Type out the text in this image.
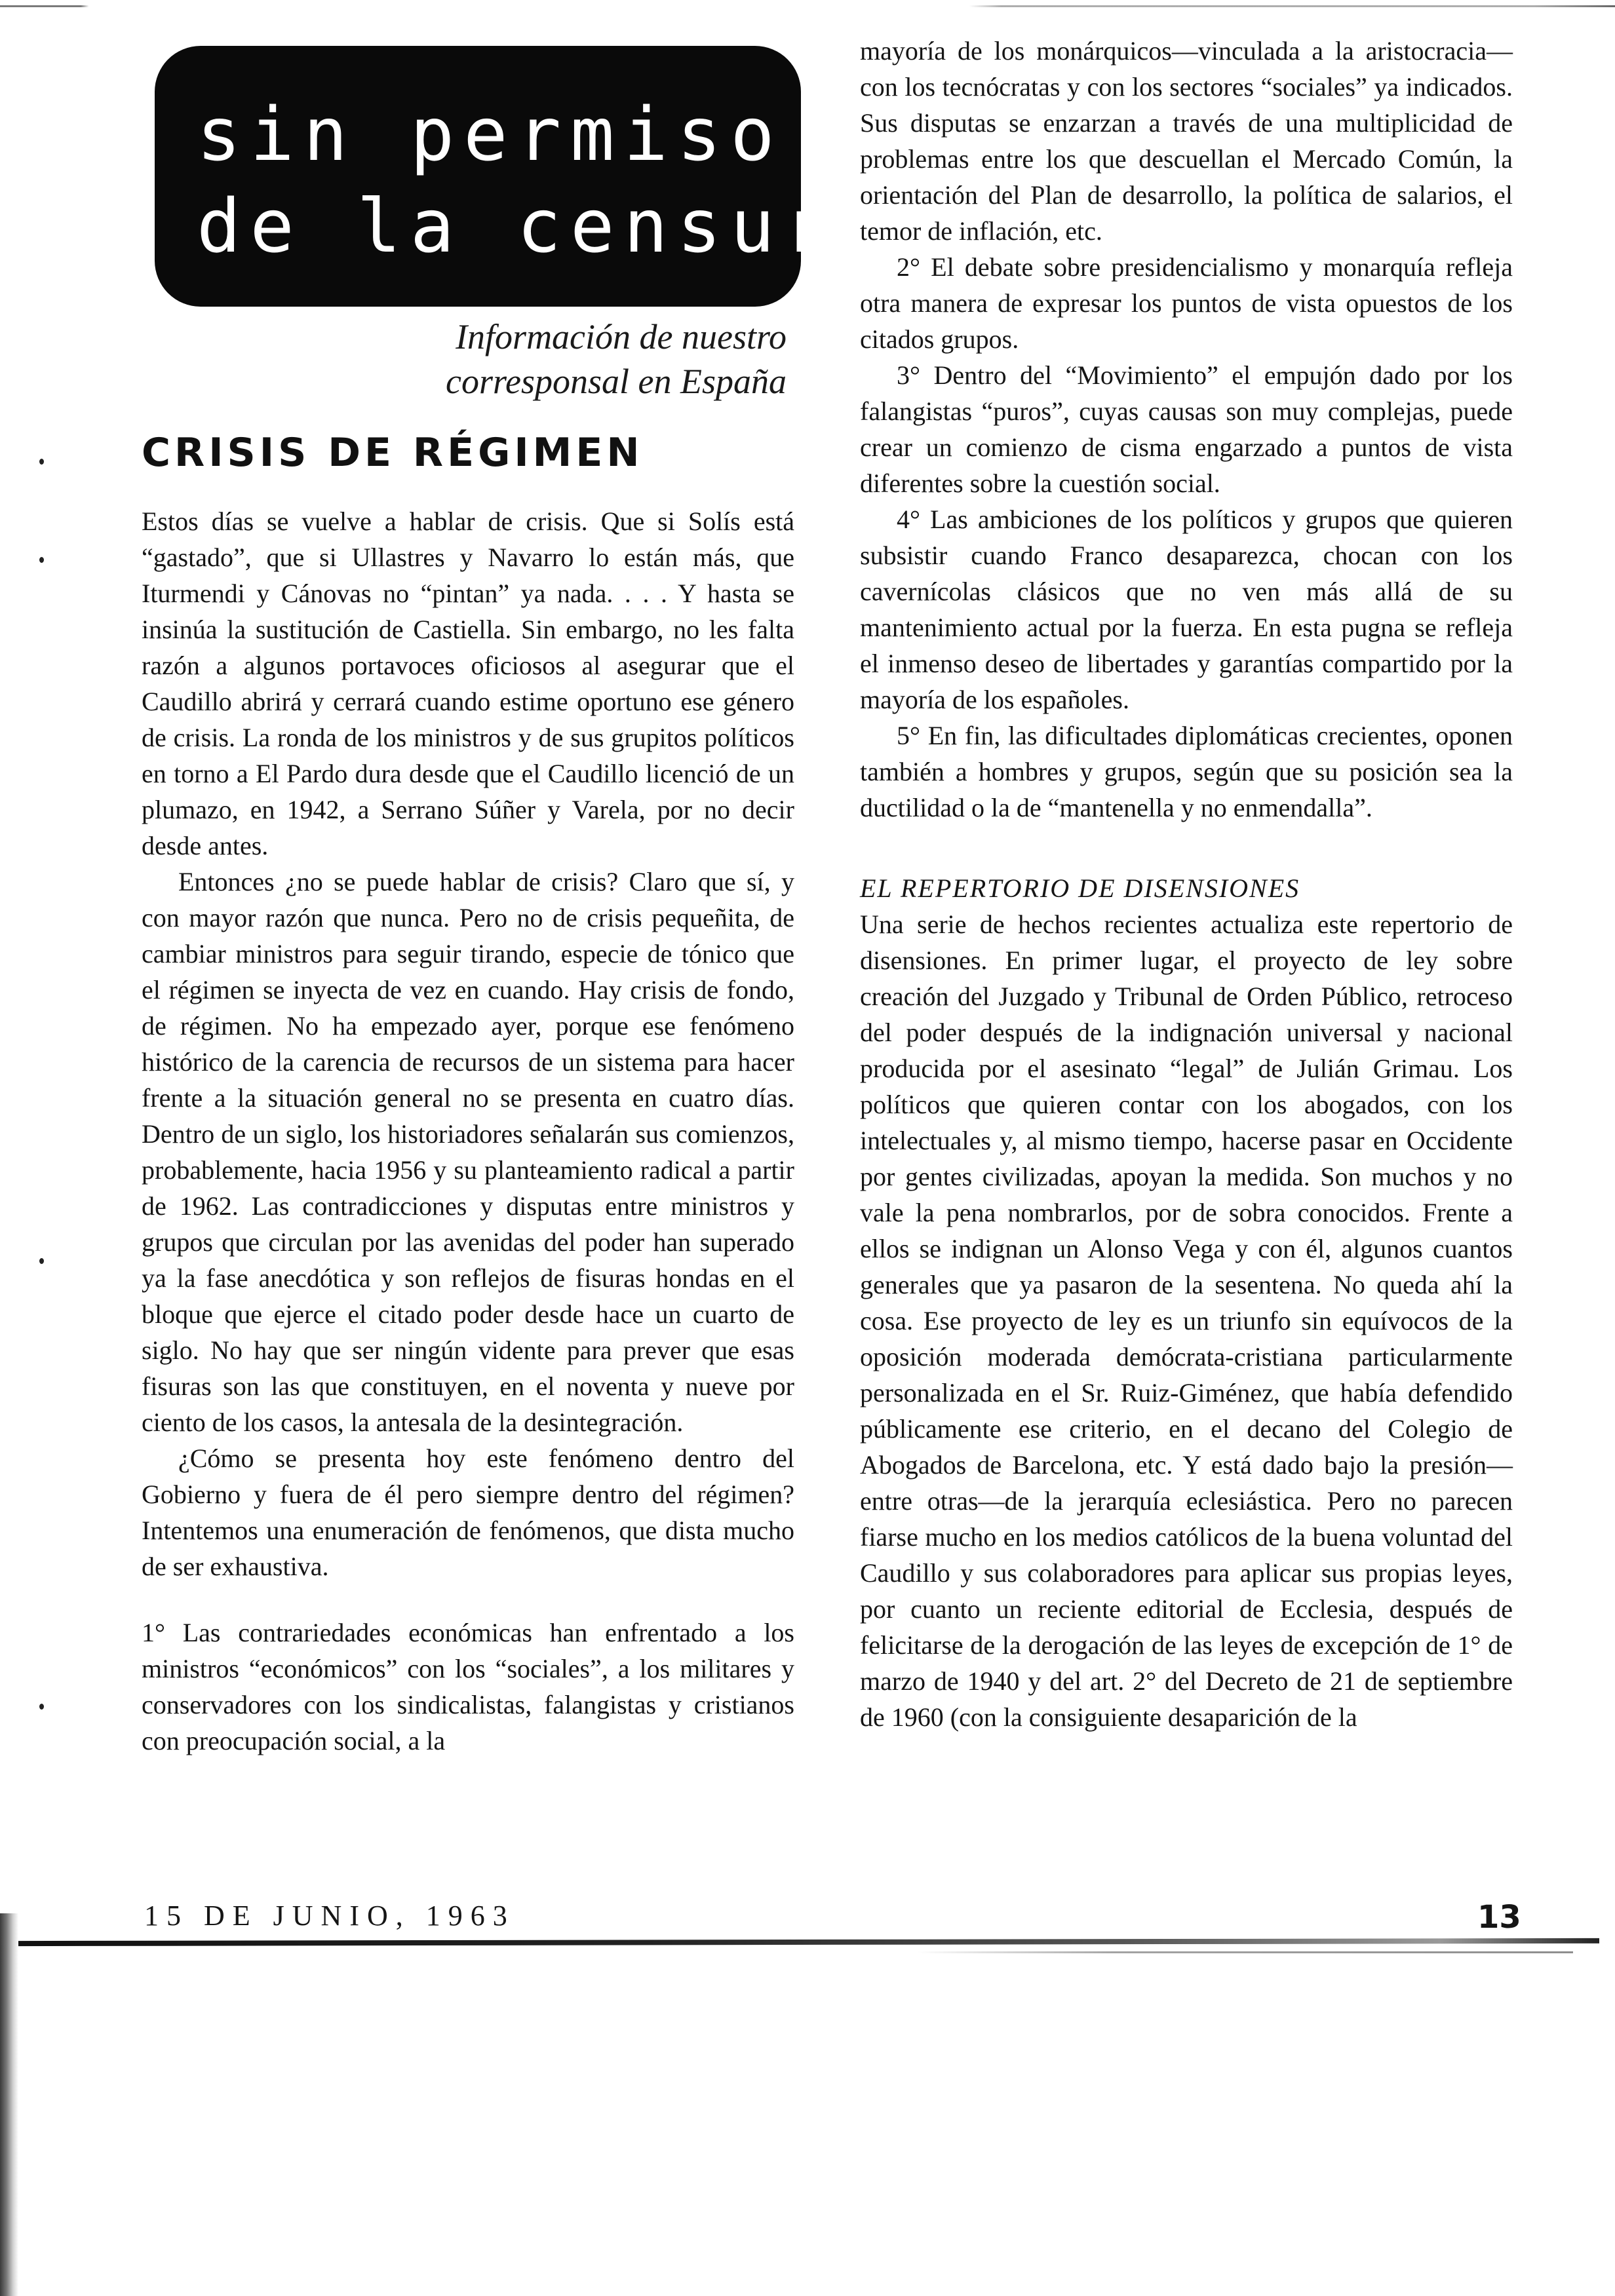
sin permiso
de la censura
Información de nuestro
corresponsal en España
CRISIS DE RÉGIMEN

Estos días se vuelve a hablar de crisis. Que si Solís está “gastado”, que si Ullastres y Navarro lo están más, que Iturmendi y Cánovas no “pintan” ya nada. . . . Y hasta se insinúa la sustitución de Castiella. Sin embargo, no les falta razón a algunos portavoces oficiosos al asegurar que el Caudillo abrirá y cerrará cuando estime oportuno ese género de crisis. La ronda de los ministros y de sus grupitos políticos en torno a El Pardo dura desde que el Caudillo licenció de un plumazo, en 1942, a Serrano Súñer y Varela, por no decir desde antes.

Entonces ¿no se puede hablar de crisis? Claro que sí, y con mayor razón que nunca. Pero no de crisis pequeñita, de cambiar ministros para seguir tirando, especie de tónico que el régimen se inyecta de vez en cuando. Hay crisis de fondo, de régimen. No ha empezado ayer, porque ese fenómeno histórico de la carencia de recursos de un sistema para hacer frente a la situación general no se presenta en cuatro días. Dentro de un siglo, los historiadores señalarán sus comienzos, probablemente, hacia 1956 y su planteamiento radical a partir de 1962. Las contradicciones y disputas entre ministros y grupos que circulan por las avenidas del poder han superado ya la fase anecdótica y son reflejos de fisuras hondas en el bloque que ejerce el citado poder desde hace un cuarto de siglo. No hay que ser ningún vidente para prever que esas fisuras son las que constituyen, en el noventa y nueve por ciento de los casos, la antesala de la desintegración.

¿Cómo se presenta hoy este fenómeno dentro del Gobierno y fuera de él pero siempre dentro del régimen? Intentemos una enumeración de fenómenos, que dista mucho de ser exhaustiva.

1° Las contrariedades económicas han enfrentado a los ministros “económicos” con los “sociales”, a los militares y conservadores con los sindicalistas, falangistas y cristianos con preocupación social, a la

mayoría de los monárquicos—vinculada a la aristocracia— con los tecnócratas y con los sectores “sociales” ya indicados. Sus disputas se enzarzan a través de una multiplicidad de problemas entre los que descuellan el Mercado Común, la orientación del Plan de desarrollo, la política de salarios, el temor de inflación, etc.

2° El debate sobre presidencialismo y monarquía refleja otra manera de expresar los puntos de vista opuestos de los citados grupos.

3° Dentro del “Movimiento” el empujón dado por los falangistas “puros”, cuyas causas son muy complejas, puede crear un comienzo de cisma engarzado a puntos de vista diferentes sobre la cuestión social.

4° Las ambiciones de los políticos y grupos que quieren subsistir cuando Franco desaparezca, chocan con los cavernícolas clásicos que no ven más allá de su mantenimiento actual por la fuerza. En esta pugna se refleja el inmenso deseo de libertades y garantías compartido por la mayoría de los españoles.

5° En fin, las dificultades diplomáticas crecientes, oponen también a hombres y grupos, según que su posición sea la ductilidad o la de “mantenella y no enmendalla”.

EL REPERTORIO DE DISENSIONES

Una serie de hechos recientes actualiza este repertorio de disensiones. En primer lugar, el proyecto de ley sobre creación del Juzgado y Tribunal de Orden Público, retroceso del poder después de la indignación universal y nacional producida por el asesinato “legal” de Julián Grimau. Los políticos que quieren contar con los abogados, con los intelectuales y, al mismo tiempo, hacerse pasar en Occidente por gentes civilizadas, apoyan la medida. Son muchos y no vale la pena nombrarlos, por de sobra conocidos. Frente a ellos se indignan un Alonso Vega y con él, algunos cuantos generales que ya pasaron de la sesentena. No queda ahí la cosa. Ese proyecto de ley es un triunfo sin equívocos de la oposición moderada demócrata-cristiana particularmente personalizada en el Sr. Ruiz-Giménez, que había defendido públicamente ese criterio, en el decano del Colegio de Abogados de Barcelona, etc. Y está dado bajo la presión—entre otras—de la jerarquía eclesiástica. Pero no parecen fiarse mucho en los medios católicos de la buena voluntad del Caudillo y sus colaboradores para aplicar sus propias leyes, por cuanto un reciente editorial de Ecclesia, después de felicitarse de la derogación de las leyes de excepción de 1° de marzo de 1940 y del art. 2° del Decreto de 21 de septiembre de 1960 (con la consiguiente desaparición de la

15 DE JUNIO, 1963	13
